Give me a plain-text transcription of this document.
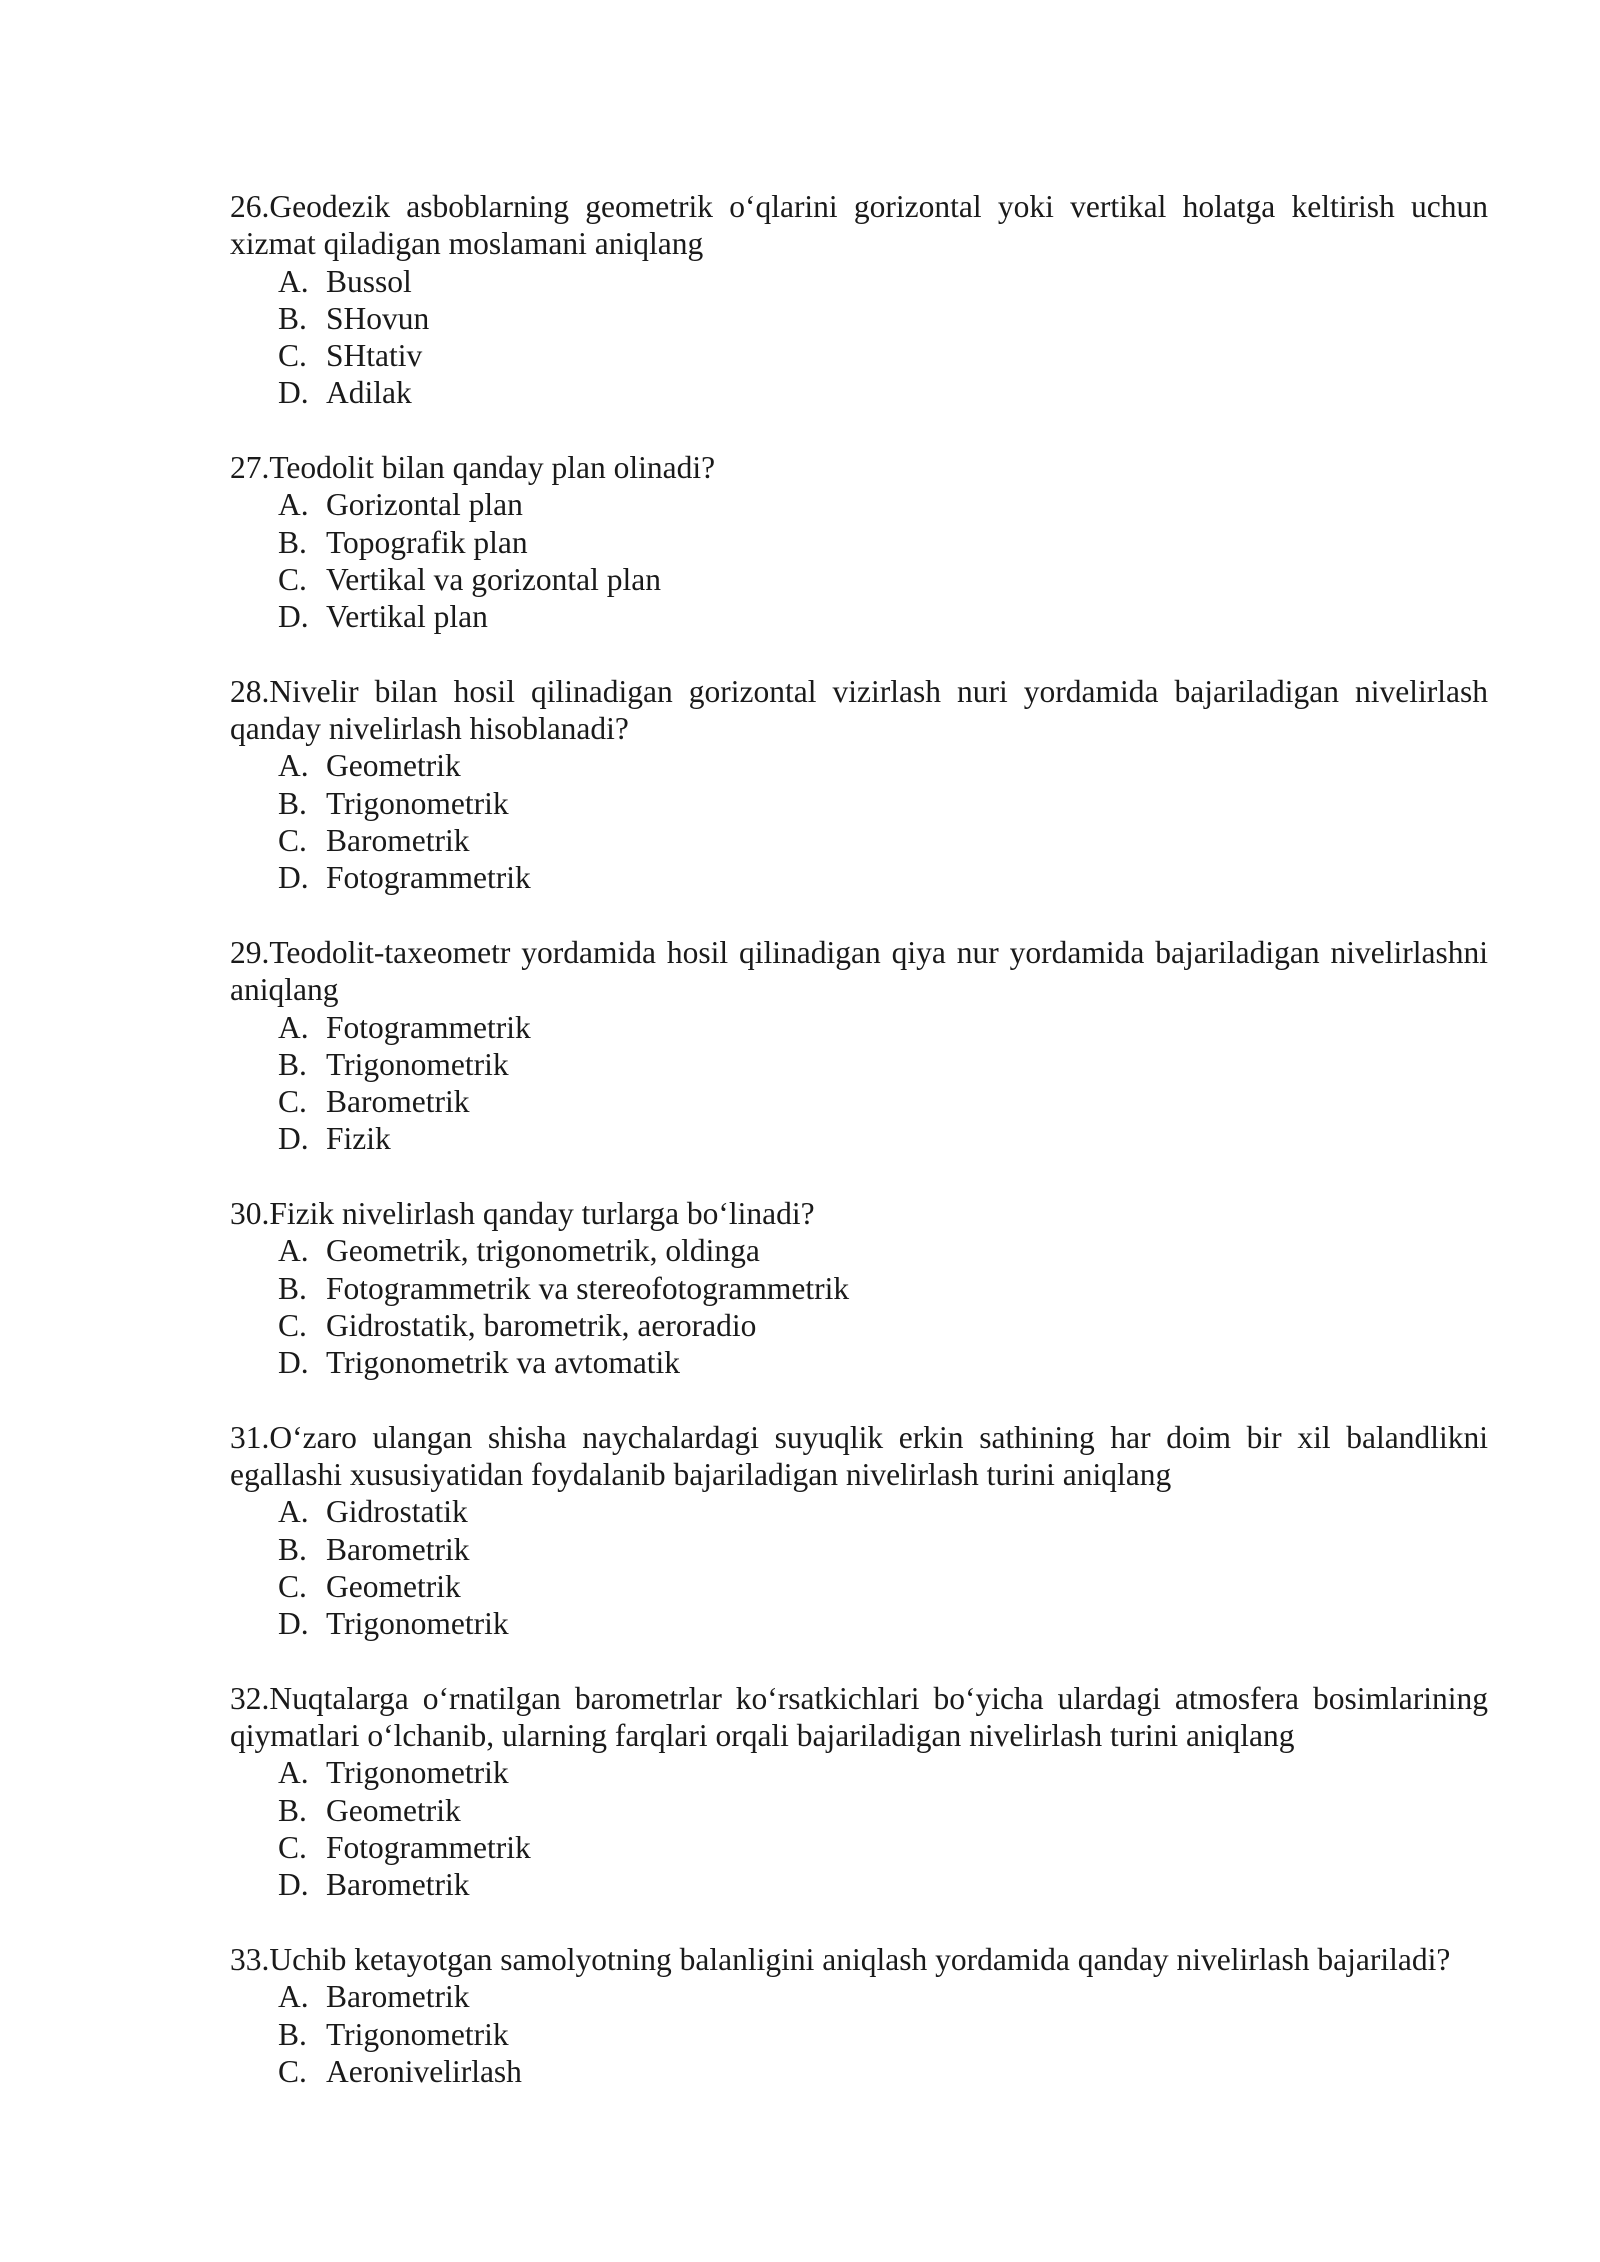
26.Geodezik asboblarning geometrik o‘qlarini gorizontal yoki vertikal holatga keltirish uchun xizmat qiladigan moslamani aniqlang

A. Bussol
B. SHovun
C. SHtativ
D. Adilak

27.Teodolit bilan qanday plan olinadi?

A. Gorizontal plan
B. Topografik plan
C. Vertikal va gorizontal plan
D. Vertikal plan

28.Nivelir bilan hosil qilinadigan gorizontal vizirlash nuri yordamida bajariladigan nivelirlash qanday nivelirlash hisoblanadi?

A. Geometrik
B. Trigonometrik
C. Barometrik
D. Fotogrammetrik

29.Teodolit-taxeometr yordamida hosil qilinadigan qiya nur yordamida bajariladigan nivelirlashni aniqlang

A. Fotogrammetrik
B. Trigonometrik
C. Barometrik
D. Fizik

30.Fizik nivelirlash qanday turlarga bo‘linadi?

A. Geometrik, trigonometrik, oldinga
B. Fotogrammetrik va stereofotogrammetrik
C. Gidrostatik, barometrik, aeroradio
D. Trigonometrik va avtomatik

31.O‘zaro ulangan shisha naychalardagi suyuqlik erkin sathining har doim bir xil balandlikni egallashi xususiyatidan foydalanib bajariladigan nivelirlash turini aniqlang

A. Gidrostatik
B. Barometrik
C. Geometrik
D. Trigonometrik

32.Nuqtalarga o‘rnatilgan barometrlar ko‘rsatkichlari bo‘yicha ulardagi atmosfera bosimlarining qiymatlari o‘lchanib, ularning farqlari orqali bajariladigan nivelirlash turini aniqlang

A. Trigonometrik
B. Geometrik
C. Fotogrammetrik
D. Barometrik

33.Uchib ketayotgan samolyotning balanligini aniqlash yordamida qanday nivelirlash bajariladi?

A. Barometrik
B. Trigonometrik
C. Aeronivelirlash
